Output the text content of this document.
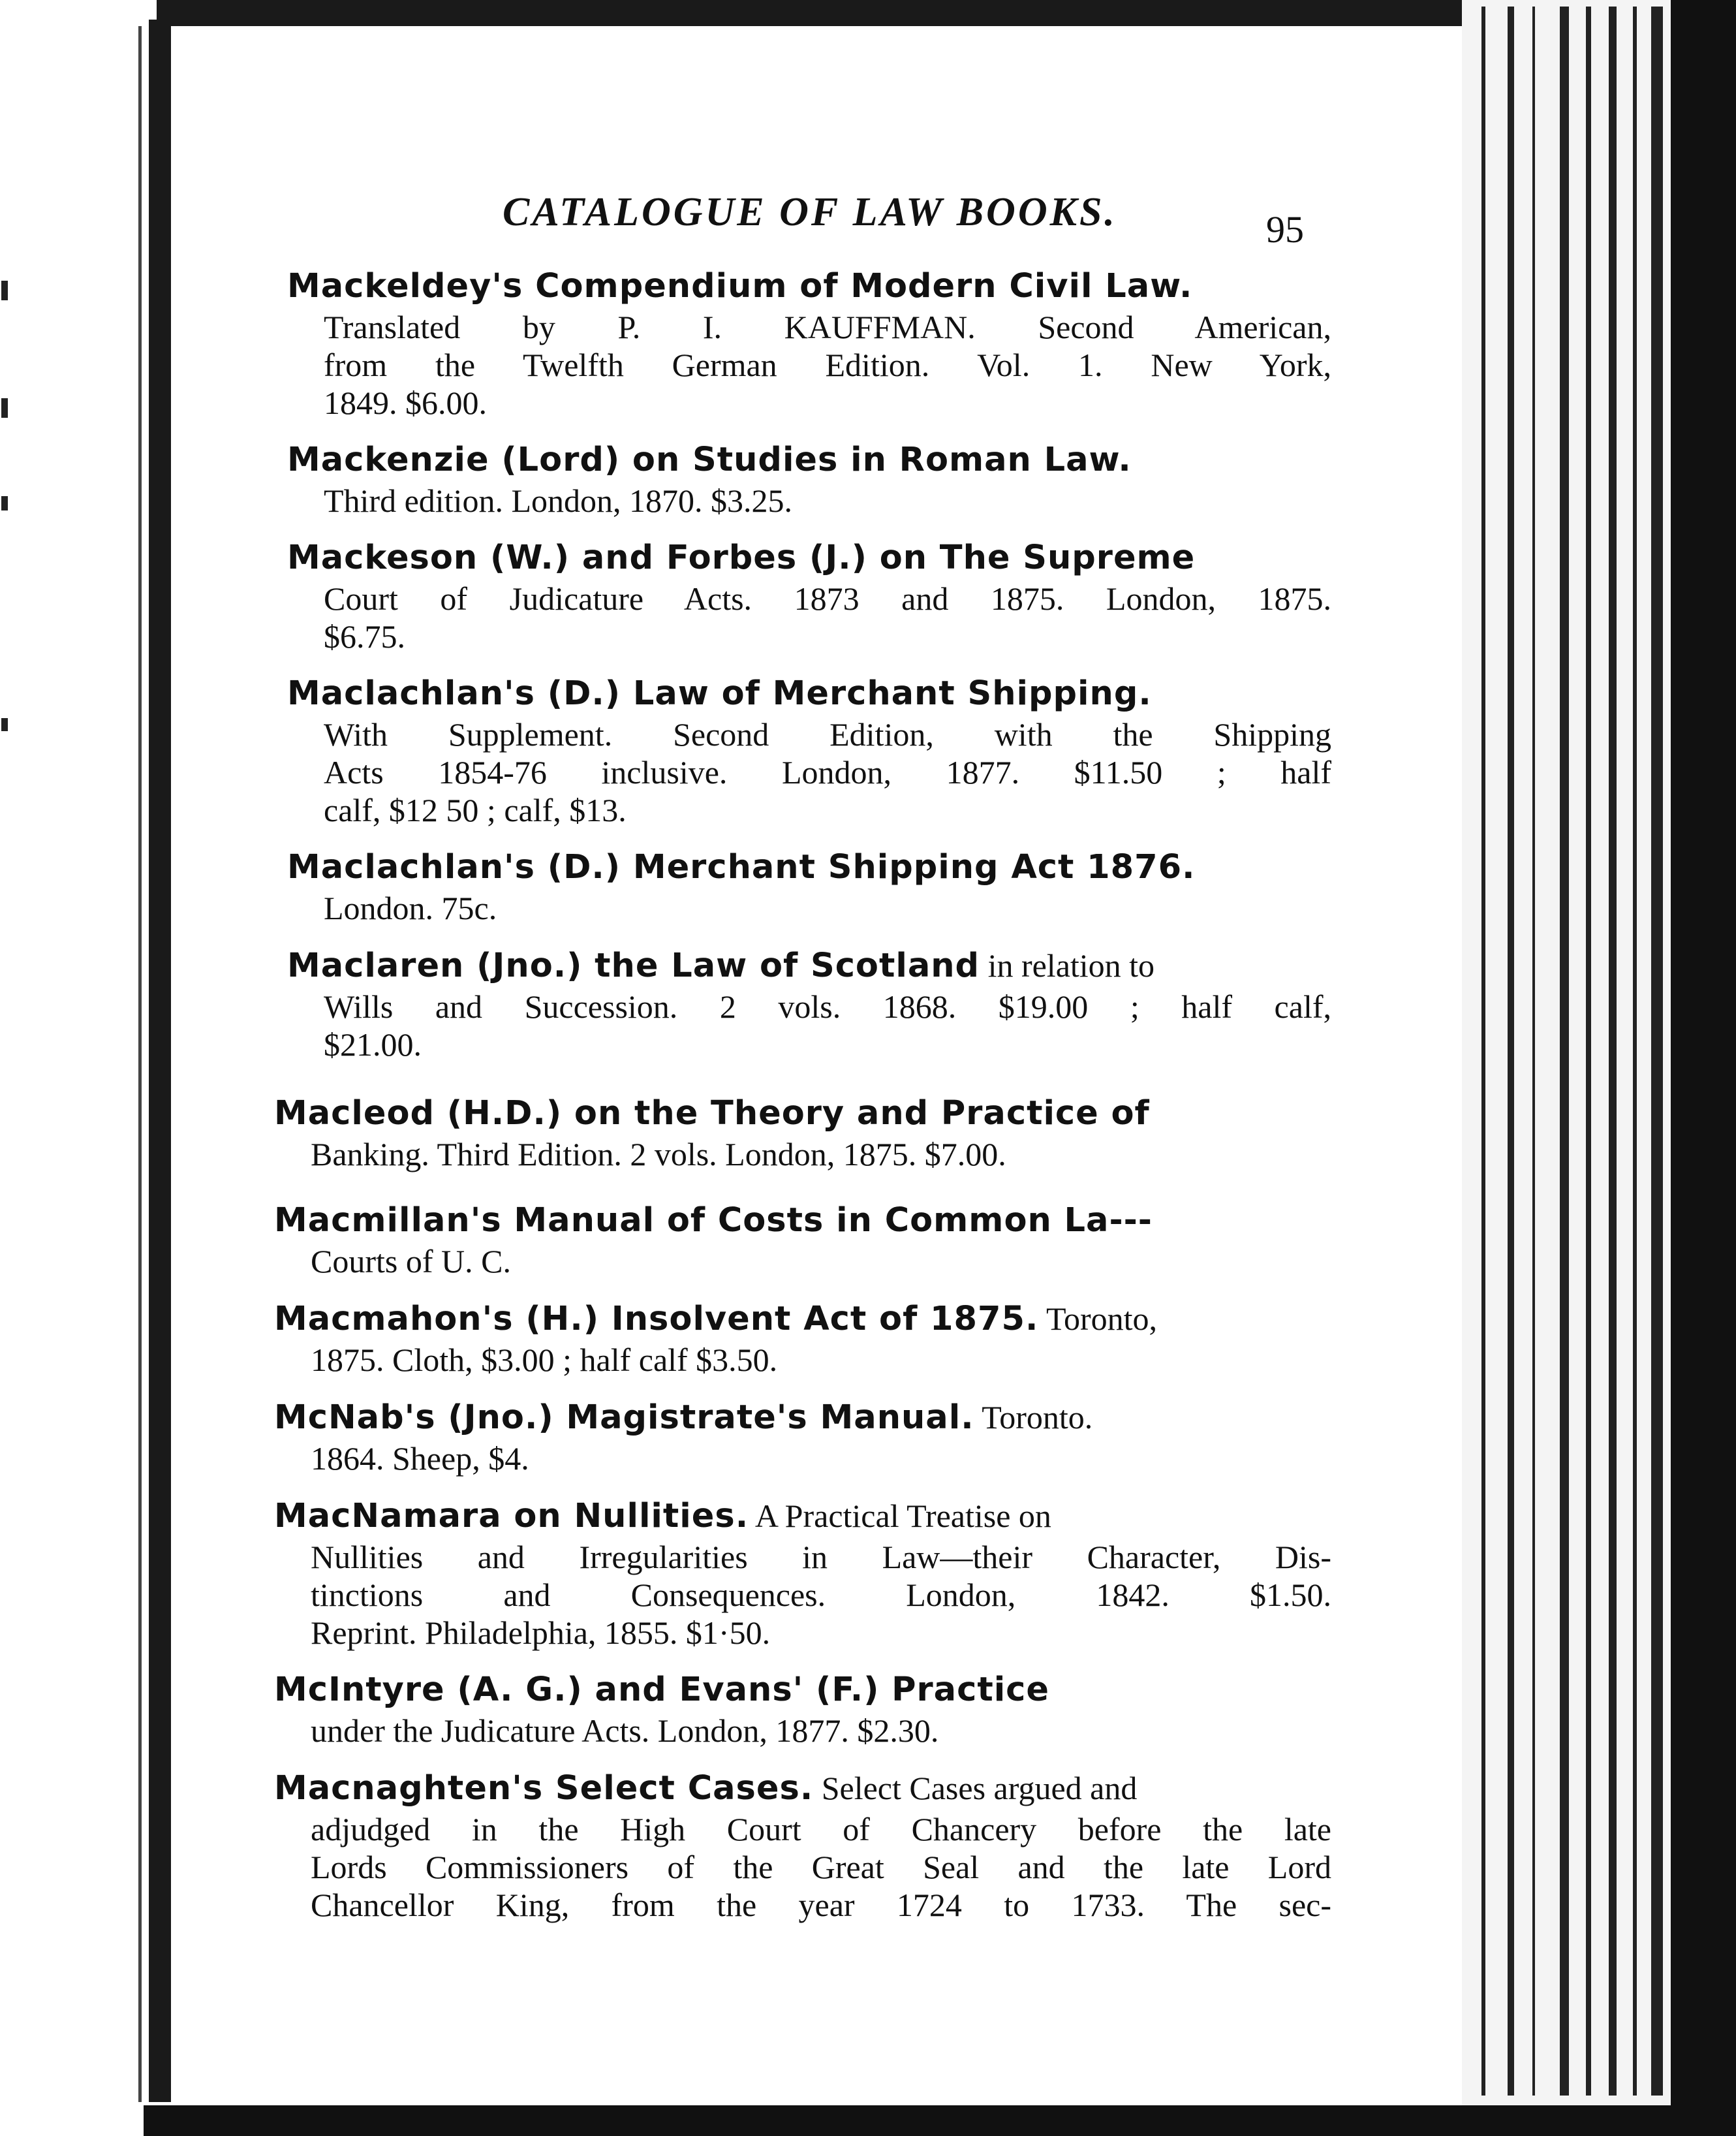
CATALOGUE OF LAW BOOKS.	95
Mackeldey's Compendium of Modern Civil Law.
Translated by P. I. KAUFFMAN. Second American,
from the Twelfth German Edition. Vol. 1. New York,
1849. $6.00.
Mackenzie (Lord) on Studies in Roman Law.
Third edition. London, 1870. $3.25.
Mackeson (W.) and Forbes (J.) on The Supreme
Court of Judicature Acts. 1873 and 1875. London, 1875.
$6.75.
Maclachlan's (D.) Law of Merchant Shipping.
With Supplement. Second Edition, with the Shipping
Acts 1854-76 inclusive. London, 1877. $11.50 ; half
calf, $12 50 ; calf, $13.
Maclachlan's (D.) Merchant Shipping Act 1876.
London. 75c.
Maclaren (Jno.) the Law of Scotland in relation to
Wills and Succession. 2 vols. 1868. $19.00 ; half calf,
$21.00.
Macleod (H.D.) on the Theory and Practice of
Banking. Third Edition. 2 vols. London, 1875. $7.00.
Macmillan's Manual of Costs in Common La---
Courts of U. C.
Macmahon's (H.) Insolvent Act of 1875. Toronto,
1875. Cloth, $3.00 ; half calf $3.50.
McNab's (Jno.) Magistrate's Manual. Toronto.
1864. Sheep, $4.
MacNamara on Nullities. A Practical Treatise on
Nullities and Irregularities in Law—their Character, Dis-
tinctions and Consequences. London, 1842. $1.50.
Reprint. Philadelphia, 1855. $1·50.
McIntyre (A. G.) and Evans' (F.) Practice
under the Judicature Acts. London, 1877. $2.30.
Macnaghten's Select Cases. Select Cases argued and
adjudged in the High Court of Chancery before the late
Lords Commissioners of the Great Seal and the late Lord
Chancellor King, from the year 1724 to 1733. The sec-
